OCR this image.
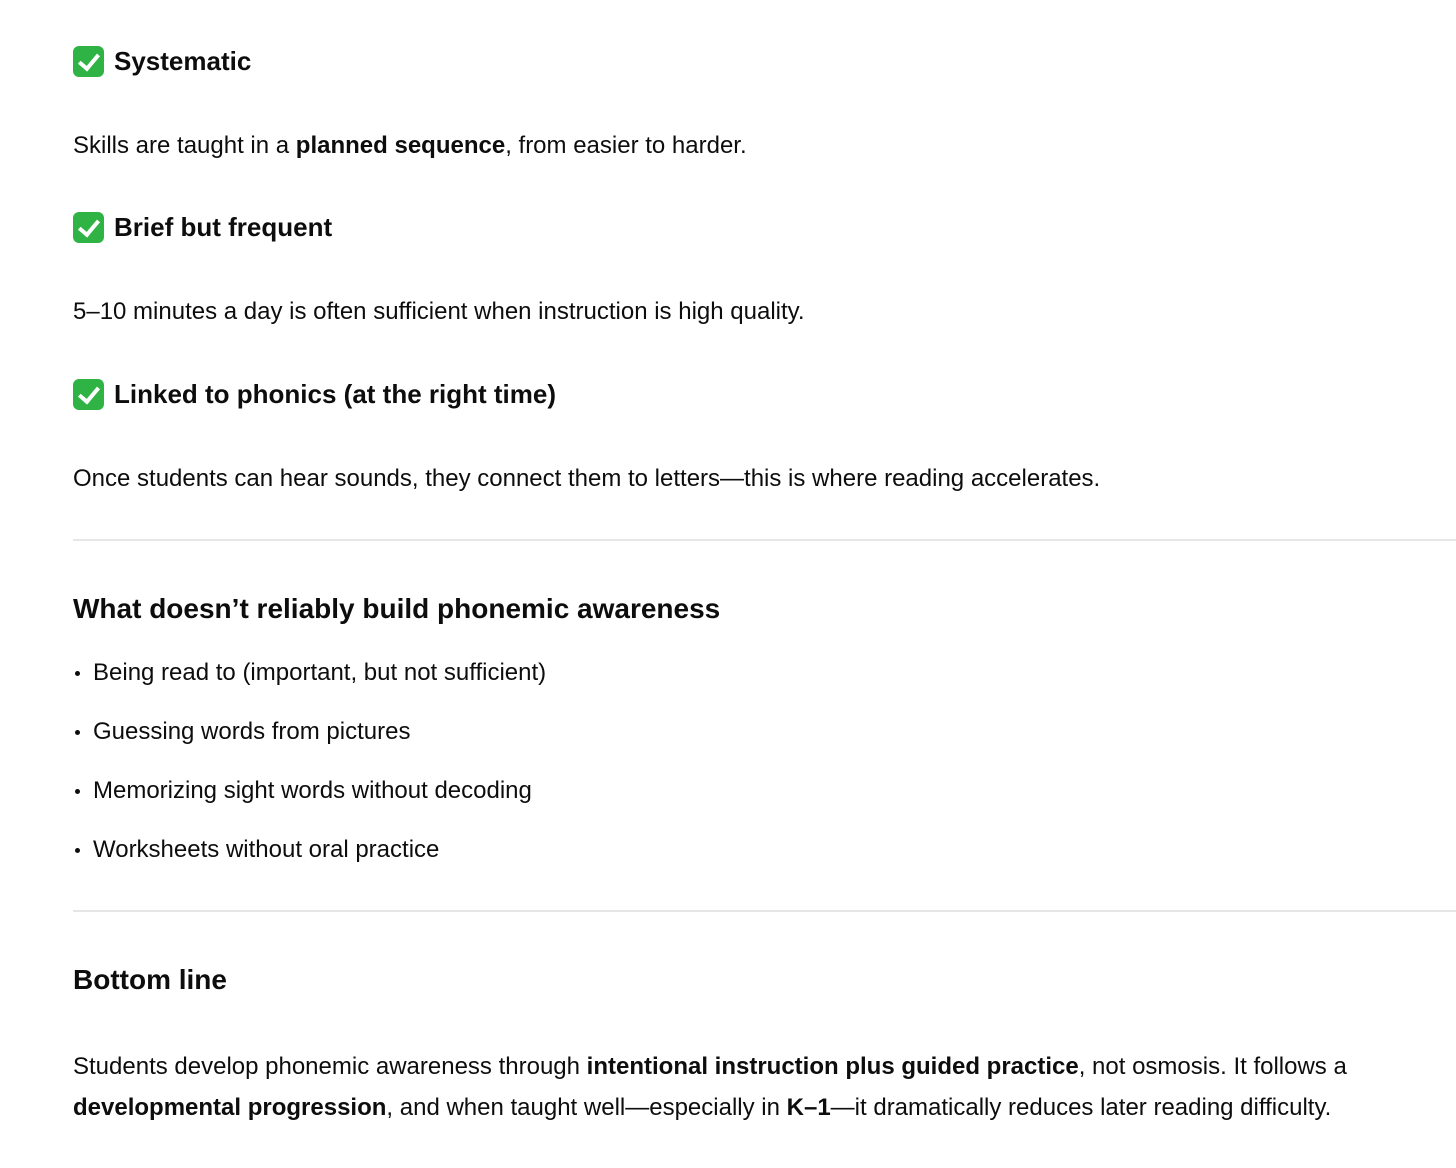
Systematic
Skills are taught in a planned sequence, from easier to harder.
Brief but frequent
5–10 minutes a day is often sufficient when instruction is high quality.
Linked to phonics (at the right time)
Once students can hear sounds, they connect them to letters—this is where reading accelerates.
What doesn’t reliably build phonemic awareness
Being read to (important, but not sufficient)
Guessing words from pictures
Memorizing sight words without decoding
Worksheets without oral practice
Bottom line
Students develop phonemic awareness through intentional instruction plus guided practice, not osmosis. It follows a
developmental progression, and when taught well—especially in K–1—it dramatically reduces later reading difficulty.
